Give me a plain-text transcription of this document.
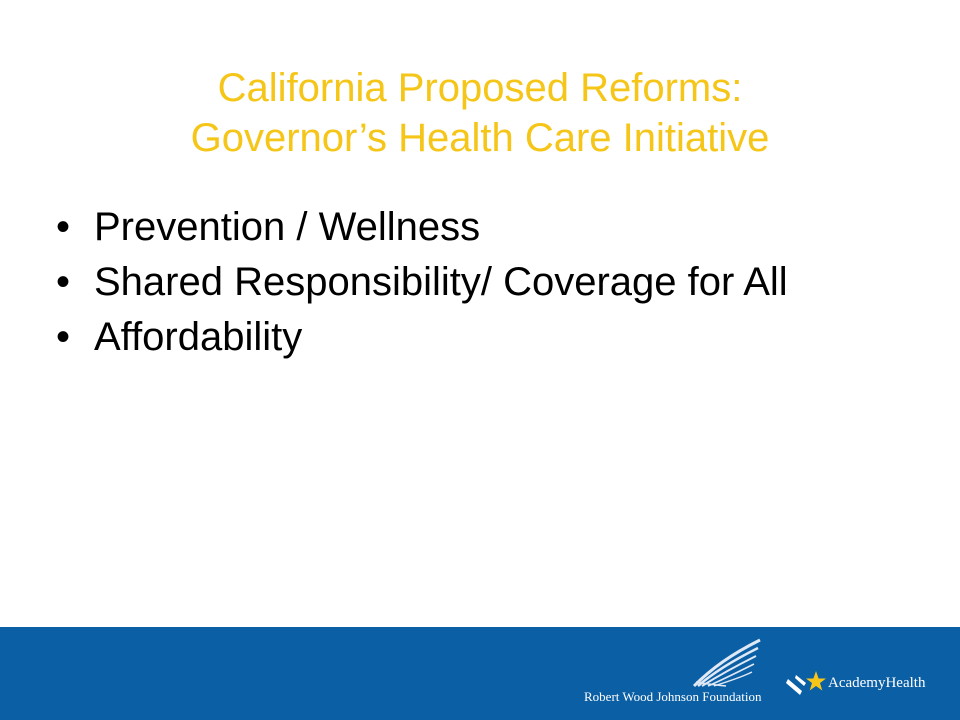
California Proposed Reforms:
Governor’s Health Care Initiative
• Prevention / Wellness
• Shared Responsibility/ Coverage for All
• Affordability
Robert Wood Johnson Foundation
AcademyHealth
